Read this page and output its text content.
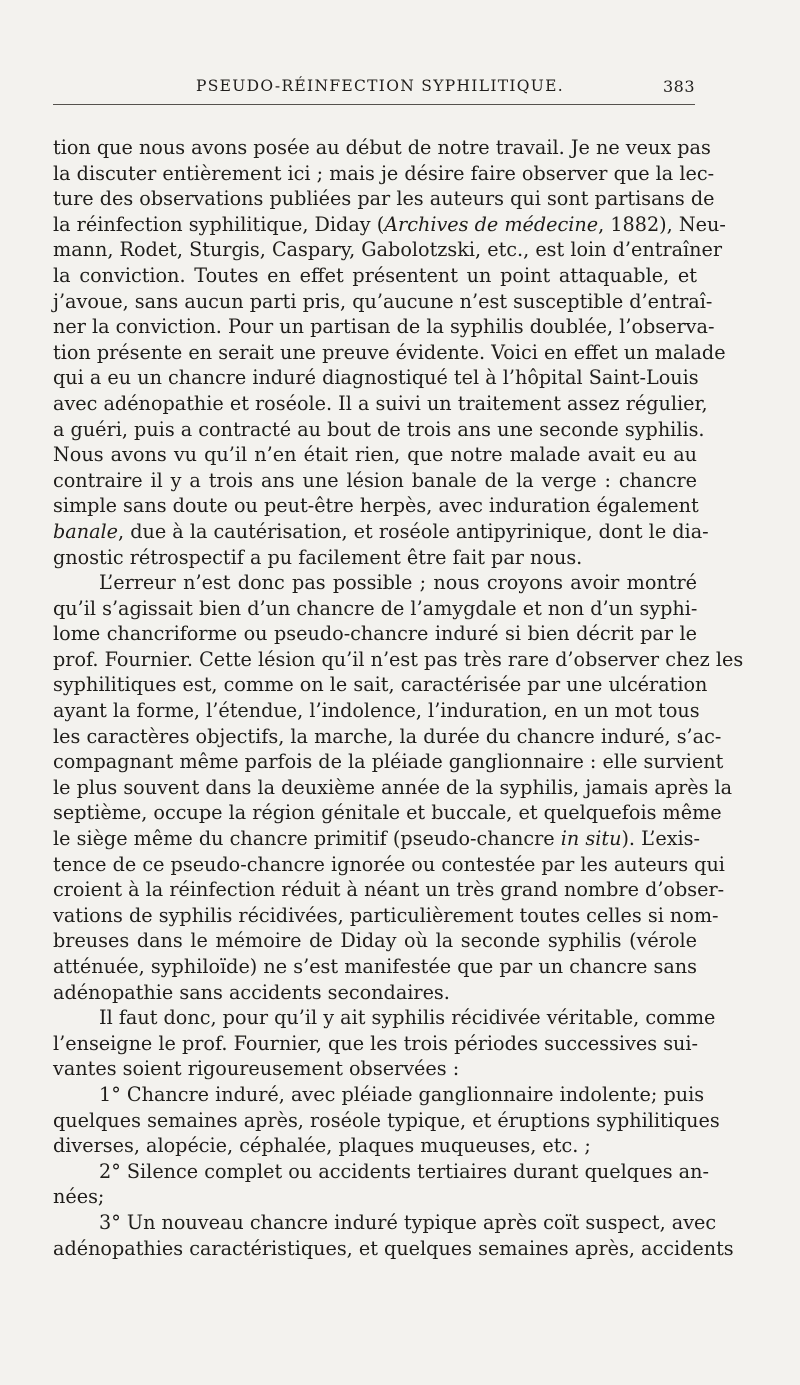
PSEUDO-RÉINFECTION SYPHILITIQUE.	383
tion que nous avons posée au début de notre travail. Je ne veux pas
la discuter entièrement ici ; mais je désire faire observer que la lec-
ture des observations publiées par les auteurs qui sont partisans de
la réinfection syphilitique, Diday (Archives de médecine, 1882), Neu-
mann, Rodet, Sturgis, Caspary, Gabolotzski, etc., est loin d’entraîner
la conviction. Toutes en effet présentent un point attaquable, et
j’avoue, sans aucun parti pris, qu’aucune n’est susceptible d’entraî-
ner la conviction. Pour un partisan de la syphilis doublée, l’observa-
tion présente en serait une preuve évidente. Voici en effet un malade
qui a eu un chancre induré diagnostiqué tel à l’hôpital Saint-Louis
avec adénopathie et roséole. Il a suivi un traitement assez régulier,
a guéri, puis a contracté au bout de trois ans une seconde syphilis.
Nous avons vu qu’il n’en était rien, que notre malade avait eu au
contraire il y a trois ans une lésion banale de la verge : chancre
simple sans doute ou peut-être herpès, avec induration également
banale, due à la cautérisation, et roséole antipyrinique, dont le dia-
gnostic rétrospectif a pu facilement être fait par nous.
L’erreur n’est donc pas possible ; nous croyons avoir montré
qu’il s’agissait bien d’un chancre de l’amygdale et non d’un syphi-
lome chancriforme ou pseudo-chancre induré si bien décrit par le
prof. Fournier. Cette lésion qu’il n’est pas très rare d’observer chez les
syphilitiques est, comme on le sait, caractérisée par une ulcération
ayant la forme, l’étendue, l’indolence, l’induration, en un mot tous
les caractères objectifs, la marche, la durée du chancre induré, s’ac-
compagnant même parfois de la pléiade ganglionnaire : elle survient
le plus souvent dans la deuxième année de la syphilis, jamais après la
septième, occupe la région génitale et buccale, et quelquefois même
le siège même du chancre primitif (pseudo-chancre in situ). L’exis-
tence de ce pseudo-chancre ignorée ou contestée par les auteurs qui
croient à la réinfection réduit à néant un très grand nombre d’obser-
vations de syphilis récidivées, particulièrement toutes celles si nom-
breuses dans le mémoire de Diday où la seconde syphilis (vérole
atténuée, syphiloïde) ne s’est manifestée que par un chancre sans
adénopathie sans accidents secondaires.
Il faut donc, pour qu’il y ait syphilis récidivée véritable, comme
l’enseigne le prof. Fournier, que les trois périodes successives sui-
vantes soient rigoureusement observées :
1° Chancre induré, avec pléiade ganglionnaire indolente; puis
quelques semaines après, roséole typique, et éruptions syphilitiques
diverses, alopécie, céphalée, plaques muqueuses, etc. ;
2° Silence complet ou accidents tertiaires durant quelques an-
nées;
3° Un nouveau chancre induré typique après coït suspect, avec
adénopathies caractéristiques, et quelques semaines après, accidents
